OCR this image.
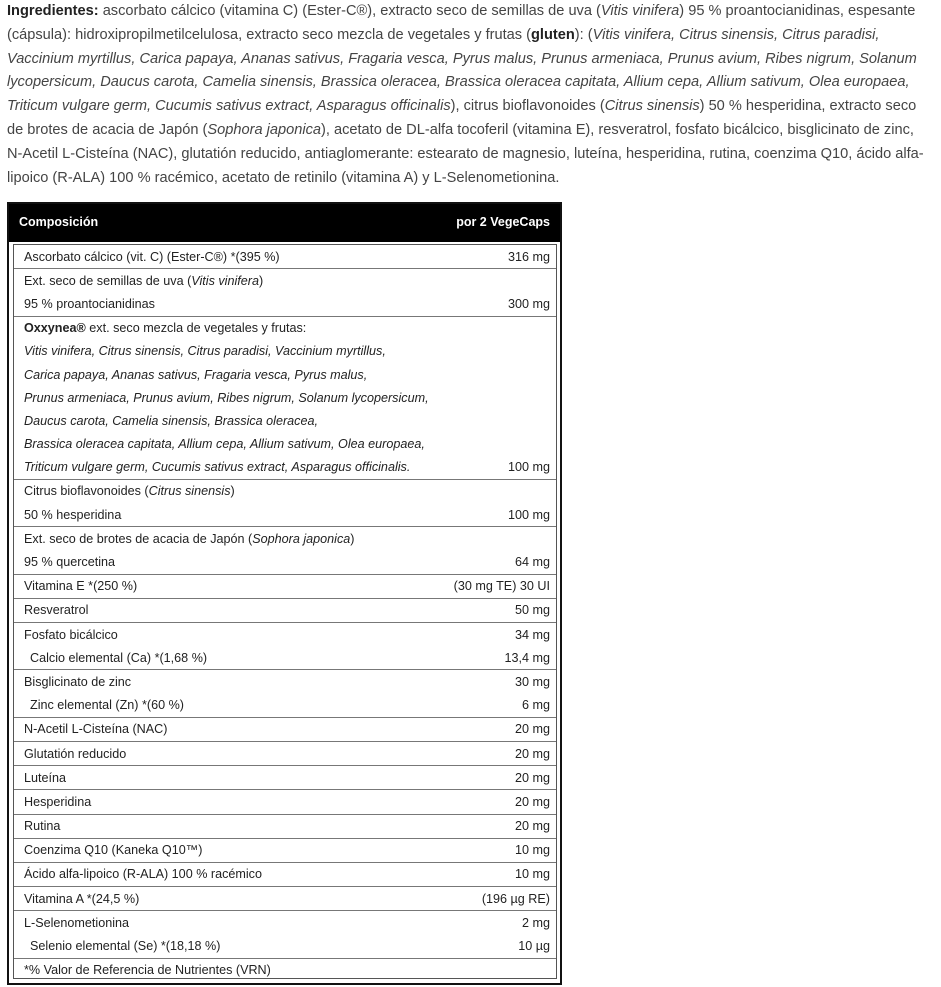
Ingredientes: ascorbato cálcico (vitamina C) (Ester-C®), extracto seco de semillas de uva (Vitis vinifera) 95 % proantocianidinas, espesante (cápsula): hidroxipropilmetilcelulosa, extracto seco mezcla de vegetales y frutas (gluten): (Vitis vinifera, Citrus sinensis, Citrus paradisi, Vaccinium myrtillus, Carica papaya, Ananas sativus, Fragaria vesca, Pyrus malus, Prunus armeniaca, Prunus avium, Ribes nigrum, Solanum lycopersicum, Daucus carota, Camelia sinensis, Brassica oleracea, Brassica oleracea capitata, Allium cepa, Allium sativum, Olea europaea, Triticum vulgare germ, Cucumis sativus extract, Asparagus officinalis), citrus bioflavonoides (Citrus sinensis) 50 % hesperidina, extracto seco de brotes de acacia de Japón (Sophora japonica), acetato de DL-alfa tocoferil (vitamina E), resveratrol, fosfato bicálcico, bisglicinato de zinc, N-Acetil L-Cisteína (NAC), glutatión reducido, antiaglomerante: estearato de magnesio, luteína, hesperidina, rutina, coenzima Q10, ácido alfa-lipoico (R-ALA) 100 % racémico, acetato de retinilo (vitamina A) y L-Selenometionina.

Composición	por 2 VegeCaps
Ascorbato cálcico (vit. C) (Ester-C®) *(395 %)	316 mg
Ext. seco de semillas de uva (Vitis vinifera)
95 % proantocianidinas	300 mg
Oxxynea® ext. seco mezcla de vegetales y frutas:
Vitis vinifera, Citrus sinensis, Citrus paradisi, Vaccinium myrtillus,
Carica papaya, Ananas sativus, Fragaria vesca, Pyrus malus,
Prunus armeniaca, Prunus avium, Ribes nigrum, Solanum lycopersicum,
Daucus carota, Camelia sinensis, Brassica oleracea,
Brassica oleracea capitata, Allium cepa, Allium sativum, Olea europaea,
Triticum vulgare germ, Cucumis sativus extract, Asparagus officinalis.	100 mg
Citrus bioflavonoides (Citrus sinensis)
50 % hesperidina	100 mg
Ext. seco de brotes de acacia de Japón (Sophora japonica)
95 % quercetina	64 mg
Vitamina E *(250 %)	(30 mg TE) 30 UI
Resveratrol	50 mg
Fosfato bicálcico	34 mg
Calcio elemental (Ca) *(1,68 %)	13,4 mg
Bisglicinato de zinc	30 mg
Zinc elemental (Zn) *(60 %)	6 mg
N-Acetil L-Cisteína (NAC)	20 mg
Glutatión reducido	20 mg
Luteína	20 mg
Hesperidina	20 mg
Rutina	20 mg
Coenzima Q10 (Kaneka Q10™)	10 mg
Ácido alfa-lipoico (R-ALA) 100 % racémico	10 mg
Vitamina A *(24,5 %)	(196 µg RE)
L-Selenometionina	2 mg
Selenio elemental (Se) *(18,18 %)	10 µg
*% Valor de Referencia de Nutrientes (VRN)
